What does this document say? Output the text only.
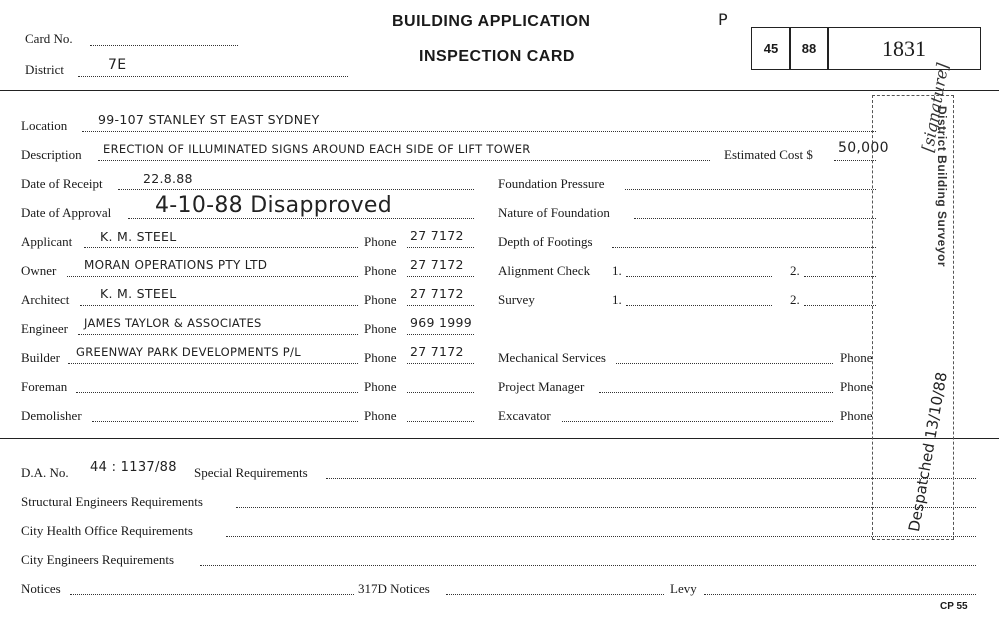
Card No.
District	7E
BUILDING APPLICATION
INSPECTION CARD
P
45	88	1831
Location 99-107 STANLEY ST EAST SYDNEY
Description ERECTION OF ILLUMINATED SIGNS AROUND EACH SIDE OF LIFT TOWER	Estimated Cost $ 50,000
Date of Receipt	22.8.88	Foundation Pressure
Date of Approval 4-10-88 Disapproved	Nature of Foundation
Applicant K. M. STEEL	Phone 27 7172	Depth of Footings
Owner MORAN OPERATIONS PTY LTD	Phone 27 7172	Alignment Check 1.	2.
Architect K. M. STEEL	Phone 27 7172	Survey	1.	2.
Engineer JAMES TAYLOR & ASSOCIATES	Phone 969 1999
Builder GREENWAY PARK DEVELOPMENTS P/L	Phone 27 7172	Mechanical Services	Phone
Foreman	Phone	Project Manager	Phone
Demolisher	Phone	Excavator	Phone
D.A. No. 44 : 1137/88 Special Requirements
Structural Engineers Requirements
City Health Office Requirements
City Engineers Requirements
Notices	317D Notices	Levy
CP 55
District Building Surveyor
[signature]
Despatched 13/10/88
